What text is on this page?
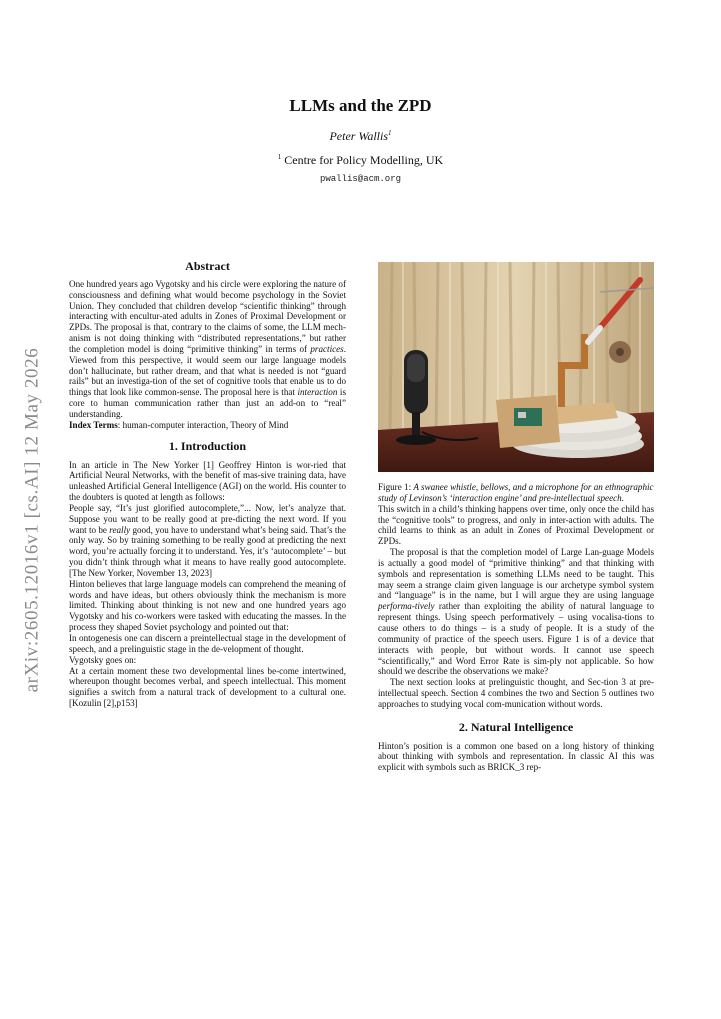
arXiv:2605.12016v1 [cs.AI] 12 May 2026
LLMs and the ZPD
Peter Wallis$^1$
$^1$ Centre for Policy Modelling, UK
pwallis@acm.org
Abstract

One hundred years ago Vygotsky and his circle were exploring the nature of consciousness and defining what would become psychology in the Soviet Union. They concluded that children develop “scientific thinking” through interacting with encultur-ated adults in Zones of Proximal Development or ZPDs. The proposal is that, contrary to the claims of some, the LLM mech-anism is not doing thinking with “distributed representations,” but rather the completion model is doing “primitive thinking” in terms of practices. Viewed from this perspective, it would seem our large language models don’t hallucinate, but rather dream, and that what is needed is not “guard rails” but an investiga-tion of the set of cognitive tools that enable us to do things that look like common-sense. The proposal here is that interaction is core to human communication rather than just an add-on to “real” understanding.

Index Terms: human-computer interaction, Theory of Mind

1. Introduction

In an article in The New Yorker [1] Geoffrey Hinton is wor-ried that Artificial Neural Networks, with the benefit of mas-sive training data, have unleashed Artificial General Intelligence (AGI) on the world. His counter to the doubters is quoted at length as follows:

People say, “It’s just glorified autocomplete,”... Now, let’s analyze that. Suppose you want to be really good at pre-dicting the next word. If you want to be really good, you have to understand what’s being said. That’s the only way. So by training something to be really good at predicting the next word, you’re actually forcing it to understand. Yes, it’s ‘autocomplete’ – but you didn’t think through what it means to have really good autocomplete. [The New Yorker, November 13, 2023]

Hinton believes that large language models can comprehend the meaning of words and have ideas, but others obviously think the mechanism is more limited. Thinking about thinking is not new and one hundred years ago Vygotsky and his co-workers were tasked with educating the masses. In the process they shaped Soviet psychology and pointed out that:

In ontogenesis one can discern a preintellectual stage in the development of speech, and a prelinguistic stage in the de-velopment of thought.

Vygotsky goes on:

At a certain moment these two developmental lines be-come intertwined, whereupon thought becomes verbal, and speech intellectual. This moment signifies a switch from a natural track of development to a cultural one. [Kozulin [2],p153]

Figure 1: A swanee whistle, bellows, and a microphone for an ethnographic study of Levinson’s ‘interaction engine’ and pre-intellectual speech.

This switch in a child’s thinking happens over time, only once the child has the “cognitive tools” to progress, and only in inter-action with adults. The child learns to think as an adult in Zones of Proximal Development or ZPDs.

The proposal is that the completion model of Large Lan-guage Models is actually a good model of “primitive thinking” and that thinking with symbols and representation is something LLMs need to be taught. This may seem a strange claim given language is our archetype symbol system and “language” is in the name, but I will argue they are using language performa-tively rather than exploiting the ability of natural language to represent things. Using speech performatively – using vocalisa-tions to cause others to do things – is a study of people. It is a study of the community of practice of the speech users. Figure 1 is of a device that interacts with people, but without words. It cannot use speech “scientifically,” and Word Error Rate is sim-ply not applicable. So how should we describe the observations we make?

The next section looks at prelinguistic thought, and Sec-tion 3 at pre-intellectual speech. Section 4 combines the two and Section 5 outlines two approaches to studying vocal com-munication without words.

2. Natural Intelligence

Hinton’s position is a common one based on a long history of thinking about thinking with symbols and representation. In classic AI this was explicit with symbols such as BRICK_3 rep-
